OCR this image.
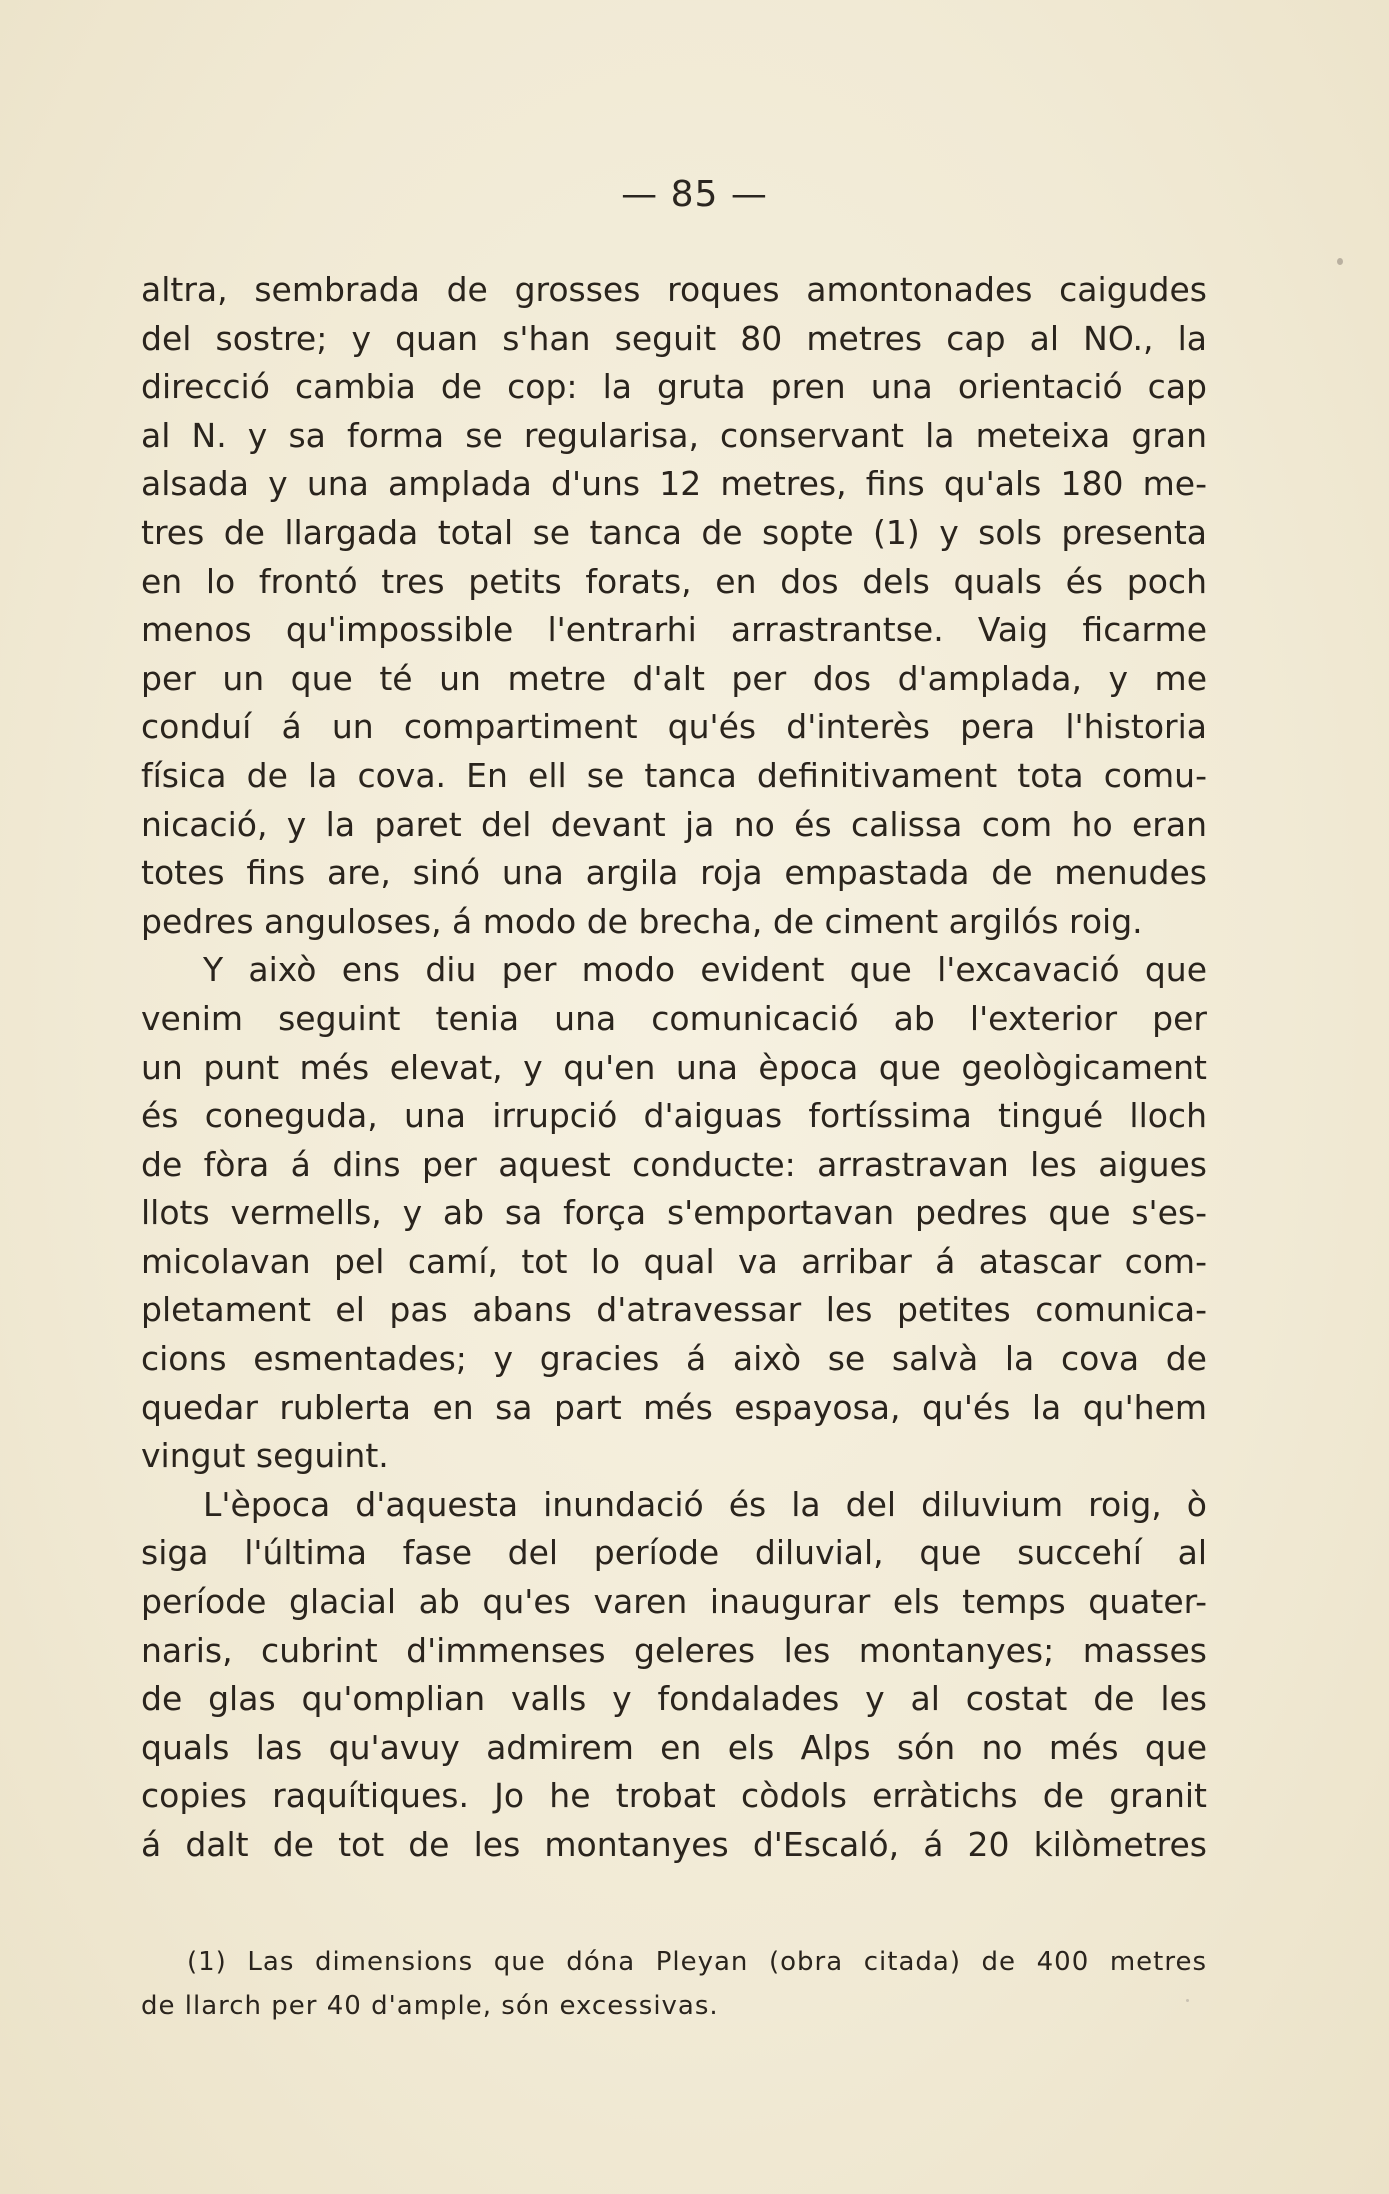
— 85 —
altra, sembrada de grosses roques amontonades caigudes
del sostre; y quan s'han seguit 80 metres cap al NO., la
direcció cambia de cop: la gruta pren una orientació cap
al N. y sa forma se regularisa, conservant la meteixa gran
alsada y una amplada d'uns 12 metres, fins qu'als 180 me-
tres de llargada total se tanca de sopte (1) y sols presenta
en lo frontó tres petits forats, en dos dels quals és poch
menos qu'impossible l'entrarhi arrastrantse. Vaig ficarme
per un que té un metre d'alt per dos d'amplada, y me
conduí á un compartiment qu'és d'interès pera l'historia
física de la cova. En ell se tanca definitivament tota comu-
nicació, y la paret del devant ja no és calissa com ho eran
totes fins are, sinó una argila roja empastada de menudes
pedres anguloses, á modo de brecha, de ciment argilós roig.
Y això ens diu per modo evident que l'excavació que
venim seguint tenia una comunicació ab l'exterior per
un punt més elevat, y qu'en una època que geològicament
és coneguda, una irrupció d'aiguas fortíssima tingué lloch
de fòra á dins per aquest conducte: arrastravan les aigues
llots vermells, y ab sa força s'emportavan pedres que s'es-
micolavan pel camí, tot lo qual va arribar á atascar com-
pletament el pas abans d'atravessar les petites comunica-
cions esmentades; y gracies á això se salvà la cova de
quedar rublerta en sa part més espayosa, qu'és la qu'hem
vingut seguint.
L'època d'aquesta inundació és la del diluvium roig, ò
siga l'última fase del període diluvial, que succehí al
període glacial ab qu'es varen inaugurar els temps quater-
naris, cubrint d'immenses geleres les montanyes; masses
de glas qu'omplian valls y fondalades y al costat de les
quals las qu'avuy admirem en els Alps són no més que
copies raquítiques. Jo he trobat còdols erràtichs de granit
á dalt de tot de les montanyes d'Escaló, á 20 kilòmetres
(1) Las dimensions que dóna Pleyan (obra citada) de 400 metres
de llarch per 40 d'ample, són excessivas.
